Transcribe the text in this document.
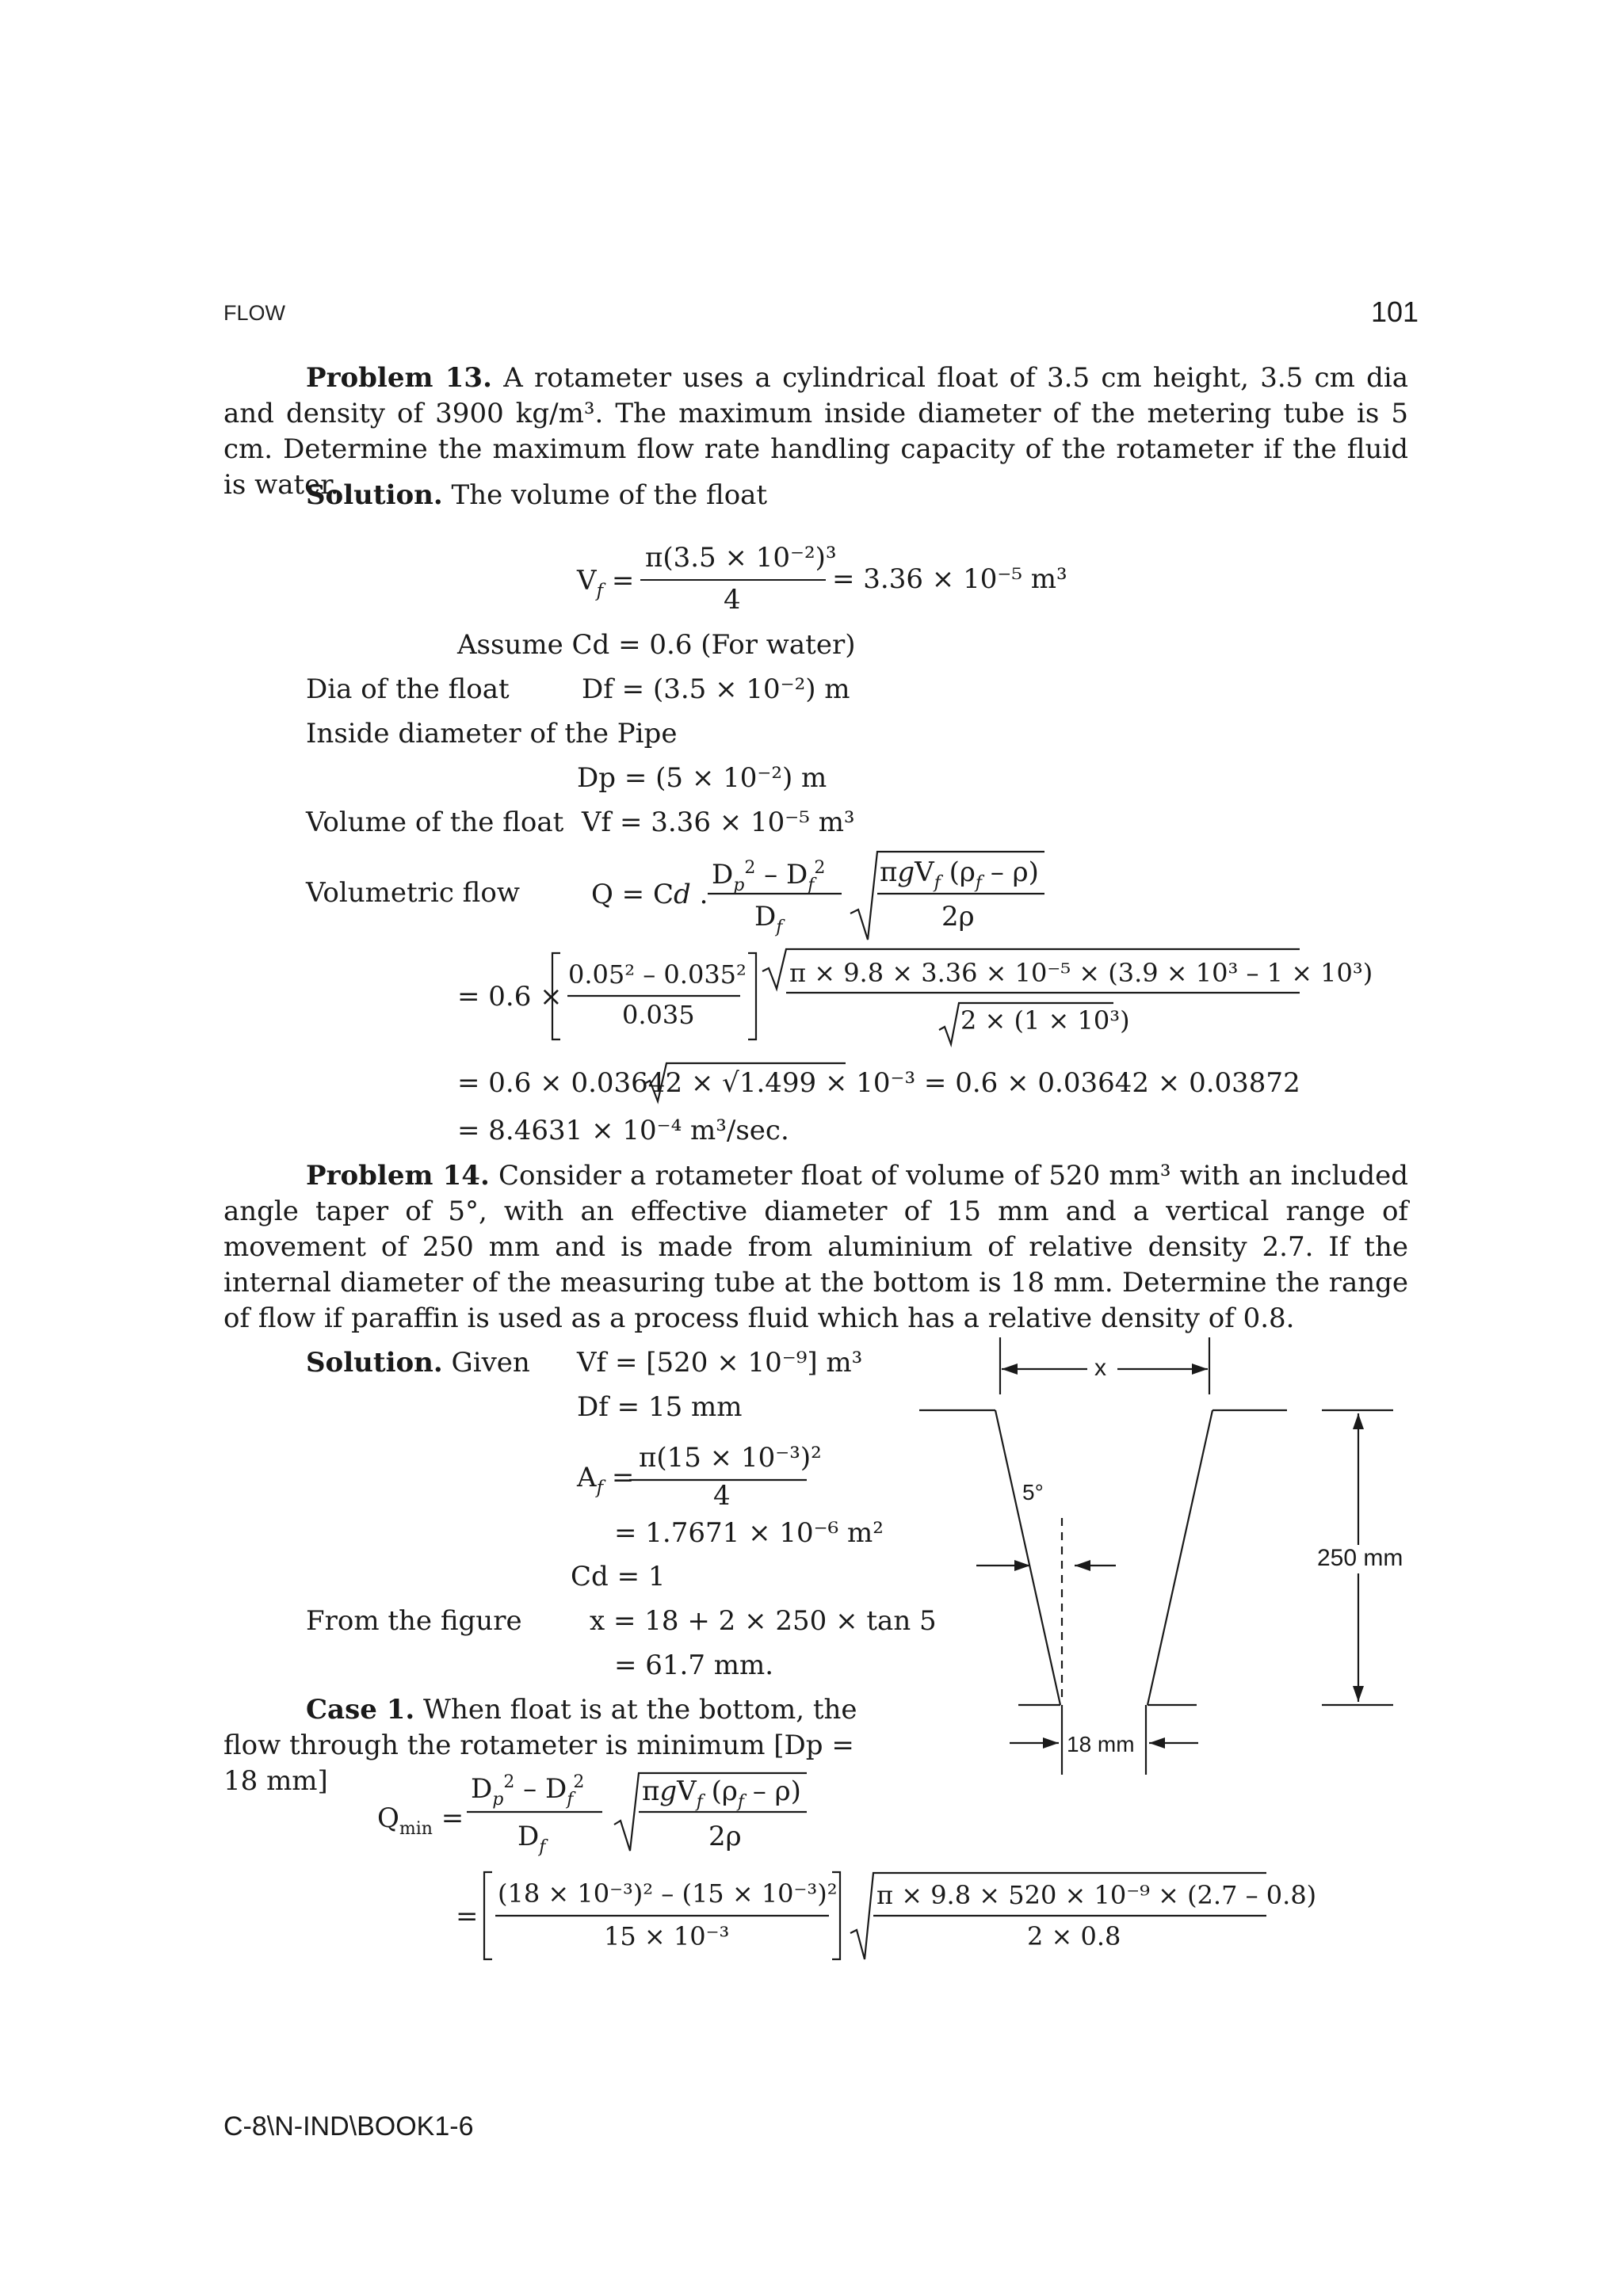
FLOW	101
Problem 13. A rotameter uses a cylindrical float of 3.5 cm height, 3.5 cm dia and density of 3900 kg/m³. The maximum inside diameter of the metering tube is 5 cm. Determine the maximum flow rate handling capacity of the rotameter if the fluid is water.
Solution. The volume of the float
$V_f$ =
π(3.5 × 10⁻²)³
4
= 3.36 × 10⁻⁵ m³
Assume Cd = 0.6 (For water)
Dia of the float	Df = (3.5 × 10⁻²) m
Inside diameter of the Pipe
Dp = (5 × 10⁻²) m
Volume of the float Vf = 3.36 × 10⁻⁵ m³
Volumetric flow	Q = Cd .
$D_p^2 - D_f^2$
$D_f$
πgV$_f$ $(\rho_f - \rho)$
2ρ
$Q_{min}$ =
$D_p^2 - D_f^2$
$D_f$
πgV$_f$ $(\rho_f - \rho)$
2ρ
=
= 0.6 ×
0.05² – 0.035²
0.035
π × 9.8 × 3.36 × 10⁻⁵ × (3.9 × 10³ – 1 × 10³)
2 × (1 × 10³)
= 0.6 × 0.03642 × √1.499 × 10⁻³ = 0.6 × 0.03642 × 0.03872
= 8.4631 × 10⁻⁴ m³/sec.
Problem 14. Consider a rotameter float of volume of 520 mm³ with an included angle taper of 5°, with an effective diameter of 15 mm and a vertical range of movement of 250 mm and is made from aluminium of relative density 2.7. If the internal diameter of the measuring tube at the bottom is 18 mm. Determine the range of flow if paraffin is used as a process fluid which has a relative density of 0.8.
Solution. Given Vf = [520 × 10⁻⁹] m³
Df = 15 mm
$A_f$ =
π(15 × 10⁻³)²
4
= 1.7671 × 10⁻⁶ m²
Cd = 1
From the figure	x = 18 + 2 × 250 × tan 5
= 61.7 mm.
Case 1. When float is at the bottom, the flow through the rotameter is minimum [Dp = 18 mm]
(18 × 10⁻³)² – (15 × 10⁻³)²
15 × 10⁻³
π × 9.8 × 520 × 10⁻⁹ × (2.7 – 0.8)
2 × 0.8
x
5°
250 mm
18 mm
C-8\N-IND\BOOK1-6
